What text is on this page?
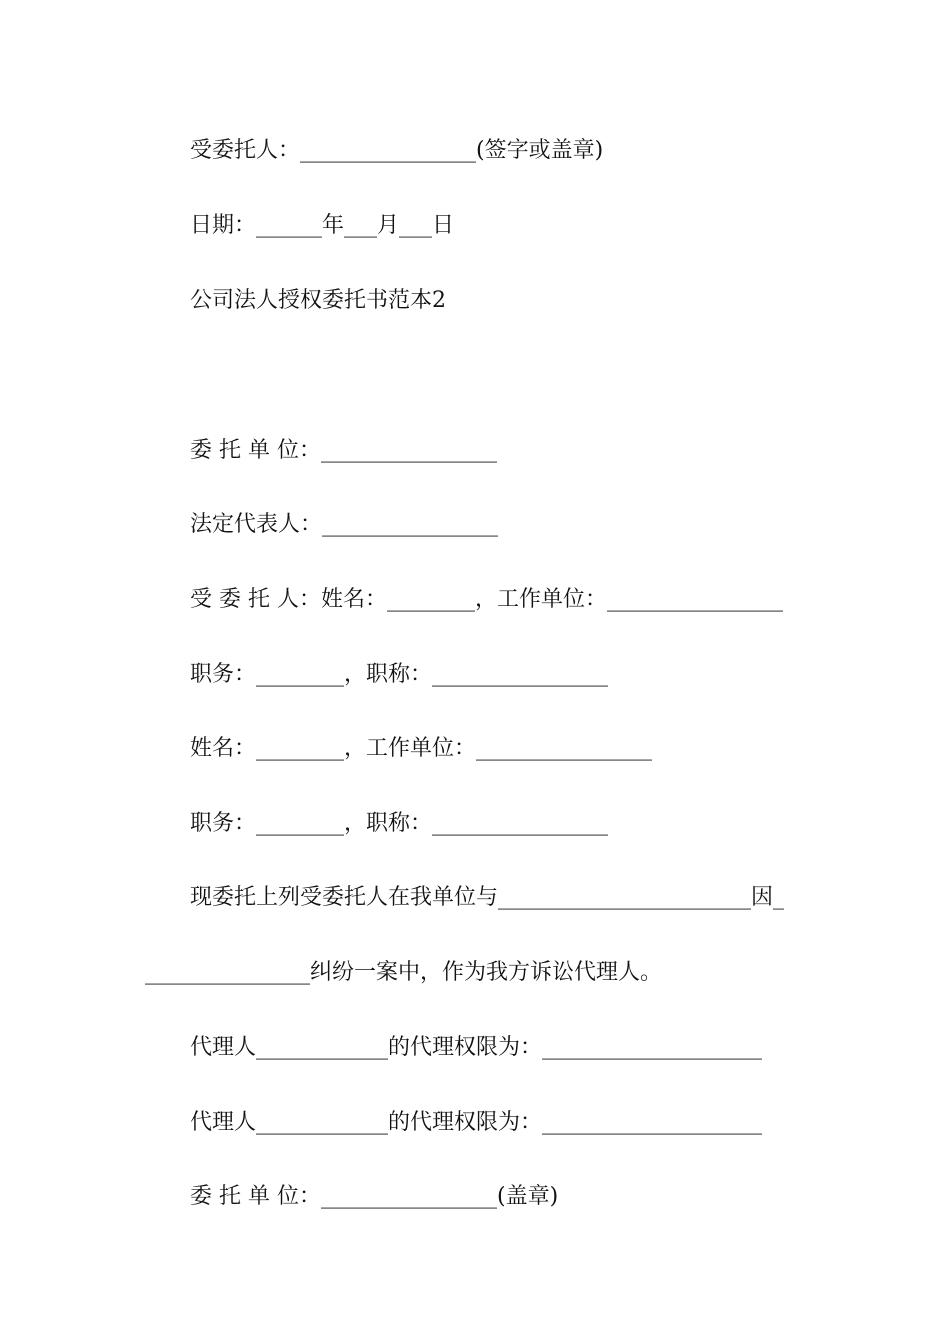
受委托人：________________(签字或盖章)
日期：______年___月___日
公司法人授权委托书范本2
委 托 单 位：________________
法定代表人：________________
受 委 托 人：姓名：________，工作单位：________________
职务：________，职称：________________
姓名：________，工作单位：________________
职务：________，职称：________________
现委托上列受委托人在我单位与_______________________因_
_______________纠纷一案中，作为我方诉讼代理人。
代理人____________的代理权限为：____________________
代理人____________的代理权限为：____________________
委 托 单 位：________________(盖章)
